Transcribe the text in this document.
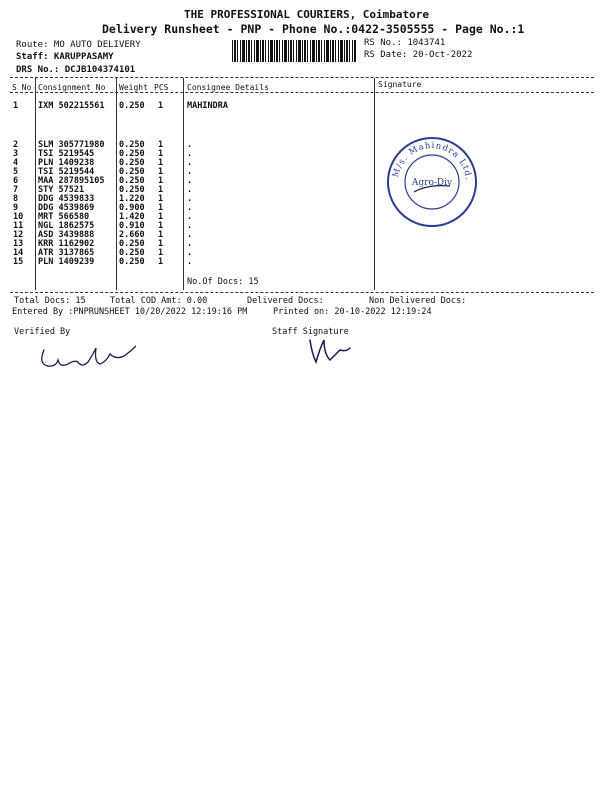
THE PROFESSIONAL COURIERS, Coimbatore
Delivery Runsheet - PNP - Phone No.:0422-3505555 - Page No.:1
Route: MO AUTO DELIVERY
Staff: KARUPPASAMY
DRS No.: DCJB104374101
RS No.: 1043741
RS Date: 20-Oct-2022
S No Consignment No Weight PCS Consignee Details	Signature
1 IXM 502215561 0.250 1	MAHINDRA
2 SLM 305771980 0.250 1	.
3 TSI 5219545	0.250 1	.
4 PLN 1409238	0.250 1	.
5 TSI 5219544	0.250 1	.
6 MAA 287895105 0.250 1	.
7 STY 57521	0.250 1	.
8 DDG 4539833	1.220 1	.
9 DDG 4539869	0.900 1	.
10 MRT 566580	1.420 1	.
11 NGL 1862575	0.910 1	.
12 ASD 3439888	2.660 1	.
13 KRR 1162902	0.250 1	.
14 ATR 3137865	0.250 1	.
15 PLN 1409239	0.250 1	.
No.Of Docs: 15
M/s. Mahindra Ltd.
Agro-Div
Total Docs: 15	Total COD Amt: 0.00	Delivered Docs:	Non Delivered Docs:
Entered By :PNPRUNSHEET 10/20/2022 12:19:16 PM	Printed on: 20-10-2022 12:19:24
Verified By	Staff Signature
